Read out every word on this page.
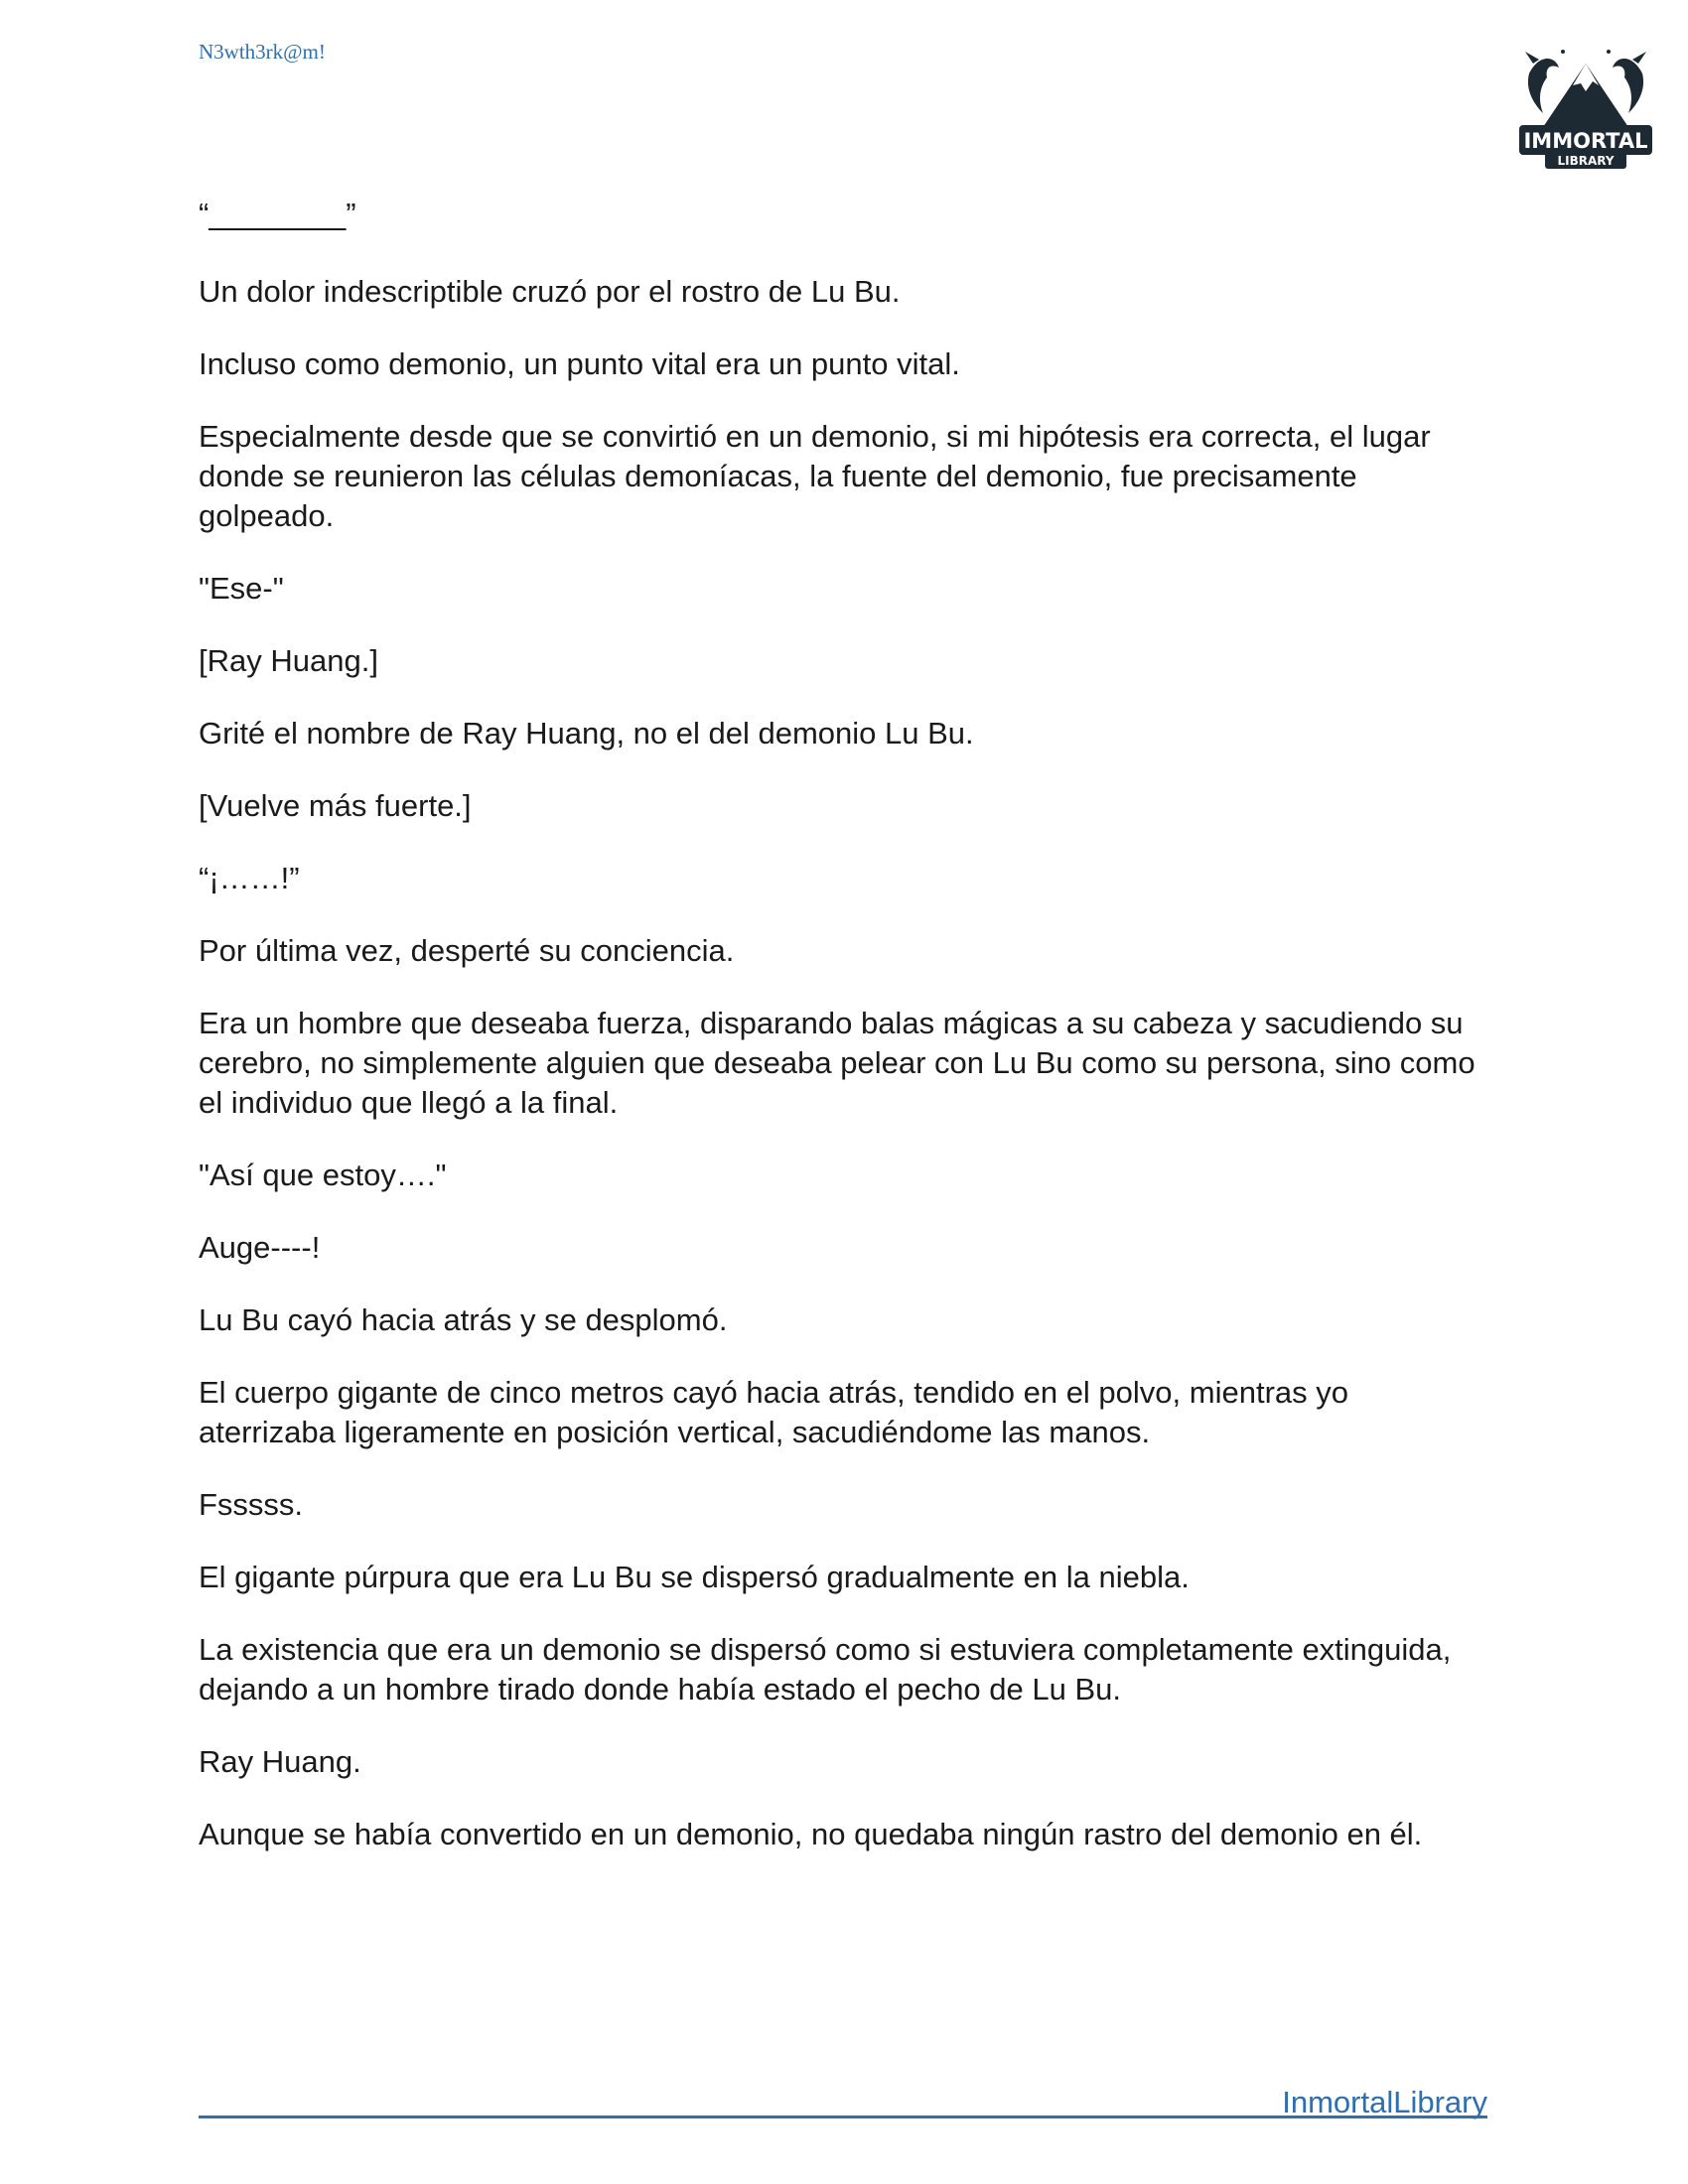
N3wth3rk@m!
IMMORTAL
LIBRARY

“________”

Un dolor indescriptible cruzó por el rostro de Lu Bu.

Incluso como demonio, un punto vital era un punto vital.

Especialmente desde que se convirtió en un demonio, si mi hipótesis era correcta, el lugar donde se reunieron las células demoníacas, la fuente del demonio, fue precisamente golpeado.

"Ese-"

[Ray Huang.]

Grité el nombre de Ray Huang, no el del demonio Lu Bu.

[Vuelve más fuerte.]

“¡……!”

Por última vez, desperté su conciencia.

Era un hombre que deseaba fuerza, disparando balas mágicas a su cabeza y sacudiendo su cerebro, no simplemente alguien que deseaba pelear con Lu Bu como su persona, sino como el individuo que llegó a la final.

"Así que estoy…."

Auge----!

Lu Bu cayó hacia atrás y se desplomó.

El cuerpo gigante de cinco metros cayó hacia atrás, tendido en el polvo, mientras yo aterrizaba ligeramente en posición vertical, sacudiéndome las manos.

Fsssss.

El gigante púrpura que era Lu Bu se dispersó gradualmente en la niebla.

La existencia que era un demonio se dispersó como si estuviera completamente extinguida, dejando a un hombre tirado donde había estado el pecho de Lu Bu.

Ray Huang.

Aunque se había convertido en un demonio, no quedaba ningún rastro del demonio en él.

InmortalLibrary
